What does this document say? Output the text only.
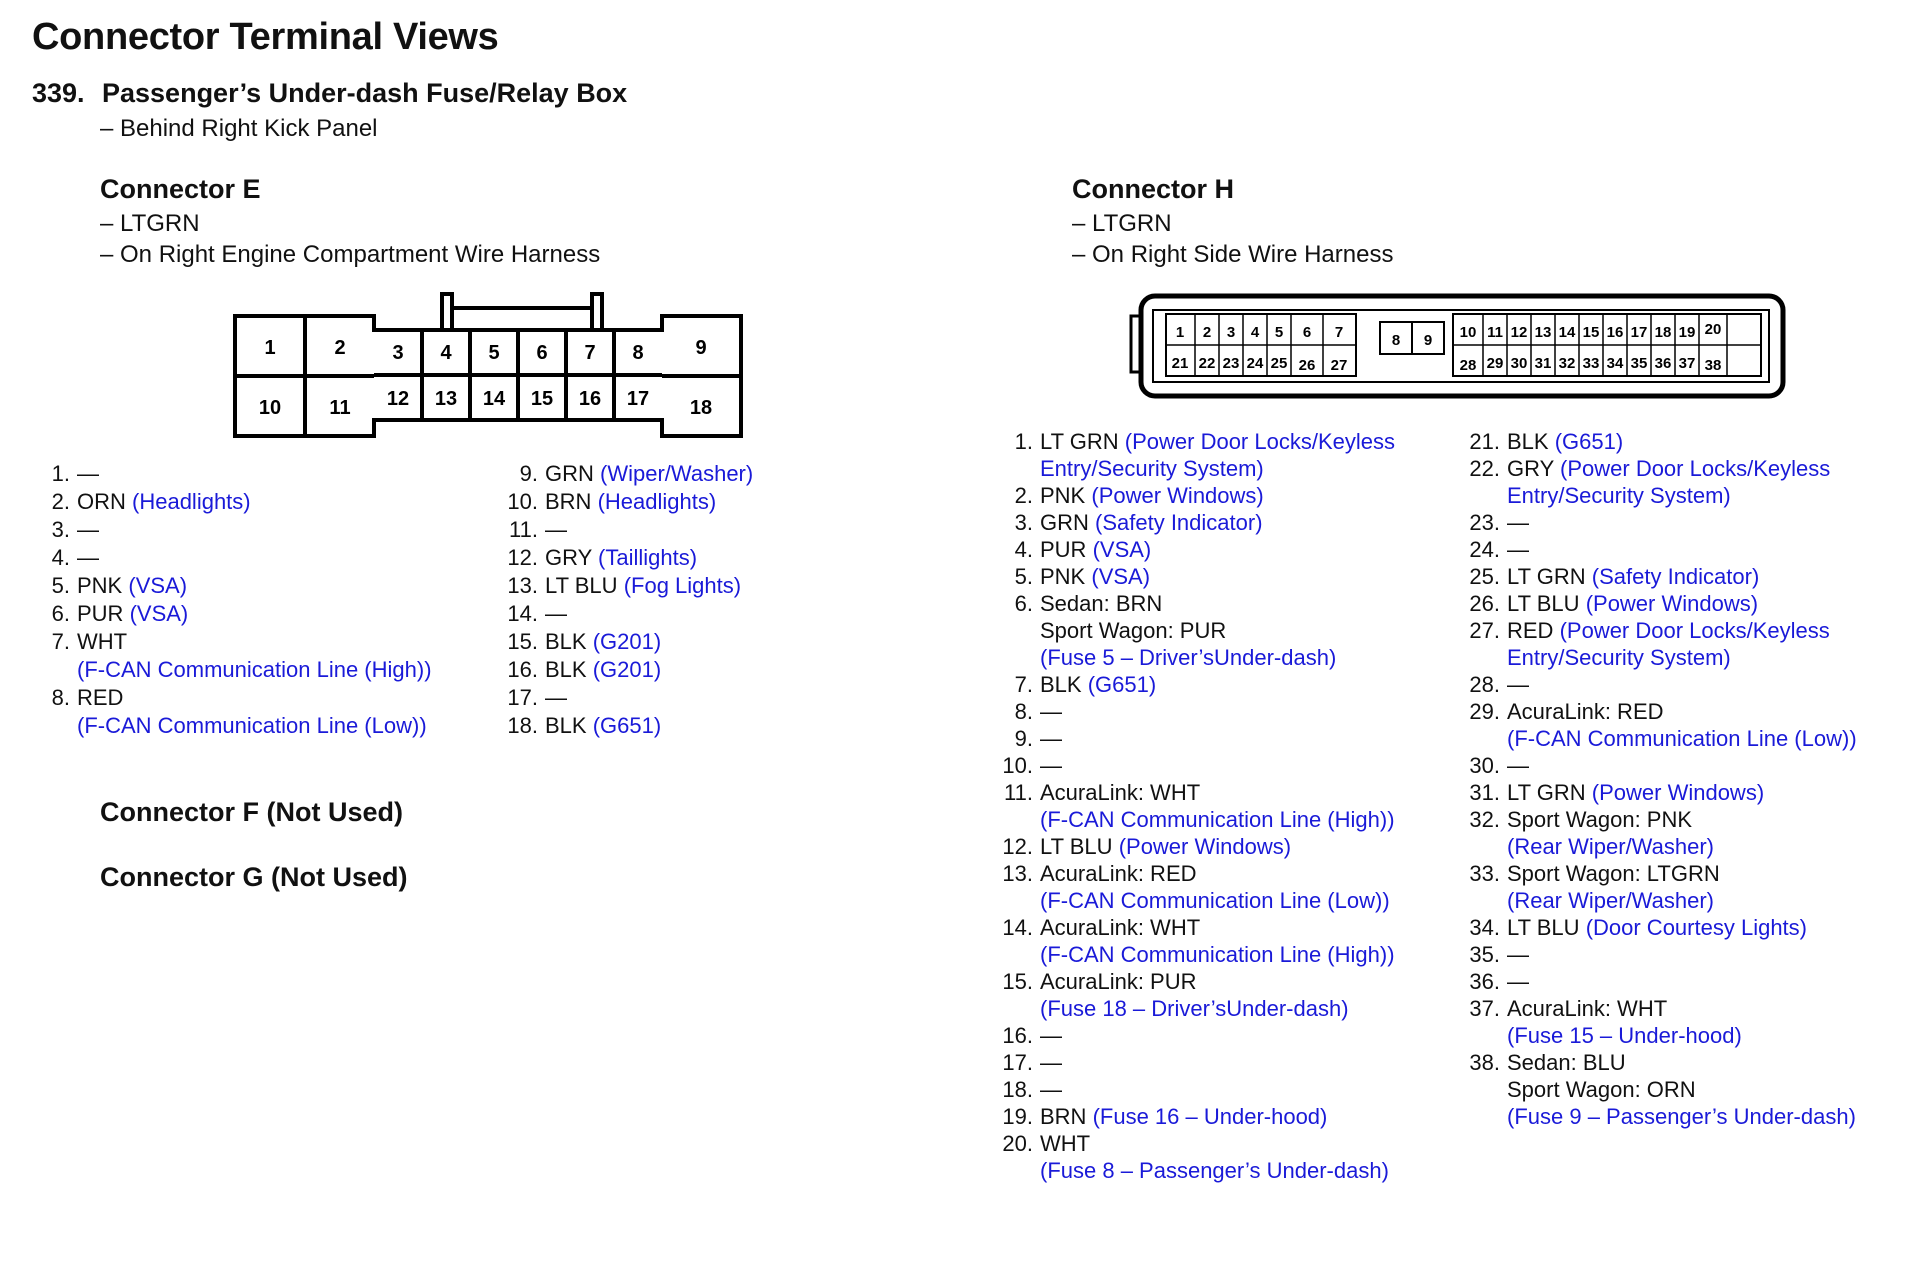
Connector Terminal Views
339. Passenger’s Under-dash Fuse/Relay Box
– Behind Right Kick Panel
Connector E
– LTGRN
– On Right Engine Compartment Wire Harness
1	2 3 4 5 6 7 8	9
10 11 12 13 14 15 16 17 18
1. —
2. ORN (Headlights)
3. —
4. —
5. PNK (VSA)
6. PUR (VSA)
7. WHT
(F-CAN Communication Line (High))
8. RED
(F-CAN Communication Line (Low))
9. GRN (Wiper/Washer)
10. BRN (Headlights)
11. —
12. GRY (Taillights)
13. LT BLU (Fog Lights)
14. —
15. BLK (G201)
16. BLK (G201)
17. —
18. BLK (G651)
Connector F (Not Used)
Connector G (Not Used)
Connector H
– LTGRN
– On Right Side Wire Harness
1 2 3 4 5 6 7	8 9 10 11 12 13 14 15 16 17 18 19 20
21 22 23 24 25 26 27	28 29 30 31 32 33 34 35 36 37 38
1. LT GRN (Power Door Locks/Keyless
Entry/Security System)
2. PNK (Power Windows)
3. GRN (Safety Indicator)
4. PUR (VSA)
5. PNK (VSA)
6. Sedan: BRN
Sport Wagon: PUR
(Fuse 5 – Driver’sUnder-dash)
7. BLK (G651)
8. —
9. —
10. —
11. AcuraLink: WHT
(F-CAN Communication Line (High))
12. LT BLU (Power Windows)
13. AcuraLink: RED
(F-CAN Communication Line (Low))
14. AcuraLink: WHT
(F-CAN Communication Line (High))
15. AcuraLink: PUR
(Fuse 18 – Driver’sUnder-dash)
16. —
17. —
18. —
19. BRN (Fuse 16 – Under-hood)
20. WHT
(Fuse 8 – Passenger’s Under-dash)
21. BLK (G651)
22. GRY (Power Door Locks/Keyless
Entry/Security System)
23. —
24. —
25. LT GRN (Safety Indicator)
26. LT BLU (Power Windows)
27. RED (Power Door Locks/Keyless
Entry/Security System)
28. —
29. AcuraLink: RED
(F-CAN Communication Line (Low))
30. —
31. LT GRN (Power Windows)
32. Sport Wagon: PNK
(Rear Wiper/Washer)
33. Sport Wagon: LTGRN
(Rear Wiper/Washer)
34. LT BLU (Door Courtesy Lights)
35. —
36. —
37. AcuraLink: WHT
(Fuse 15 – Under-hood)
38. Sedan: BLU
Sport Wagon: ORN
(Fuse 9 – Passenger’s Under-dash)
